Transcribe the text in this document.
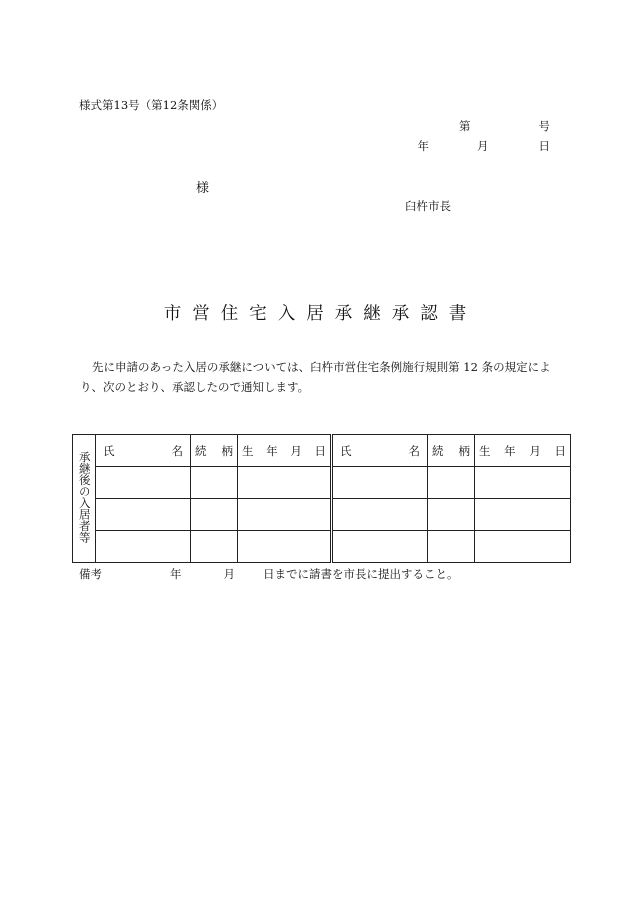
様式第13号（第12条関係）
第	号
年	月	日
様
臼杵市長
市営住宅入居承継承認書
先に申請のあった入居の承継については、臼杵市営住宅条例施行規則第 12 条の規定により、次のとおり、承認したので通知します。
承継後の入居者等	氏 名	続 柄	生 年 月 日	氏 名	続 柄	生 年 月 日

備考	年	月 日までに請書を市長に提出すること。
